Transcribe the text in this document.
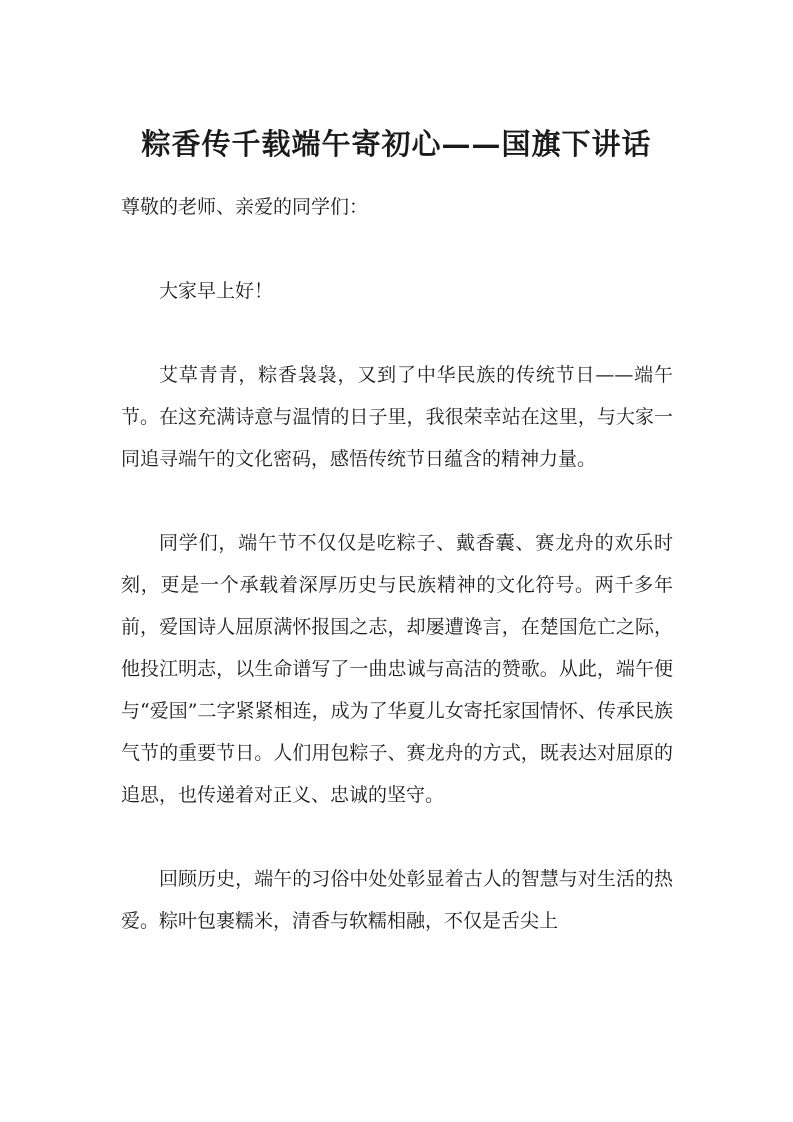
粽香传千载端午寄初心——国旗下讲话

尊敬的老师、亲爱的同学们：

大家早上好！

艾草青青，粽香袅袅，又到了中华民族的传统节日——端午节。在这充满诗意与温情的日子里，我很荣幸站在这里，与大家一同追寻端午的文化密码，感悟传统节日蕴含的精神力量。

同学们，端午节不仅仅是吃粽子、戴香囊、赛龙舟的欢乐时刻，更是一个承载着深厚历史与民族精神的文化符号。两千多年前，爱国诗人屈原满怀报国之志，却屡遭谗言，在楚国危亡之际，他投江明志，以生命谱写了一曲忠诚与高洁的赞歌。从此，端午便与“爱国”二字紧紧相连，成为了华夏儿女寄托家国情怀、传承民族气节的重要节日。人们用包粽子、赛龙舟的方式，既表达对屈原的追思，也传递着对正义、忠诚的坚守。

回顾历史，端午的习俗中处处彰显着古人的智慧与对生活的热爱。粽叶包裹糯米，清香与软糯相融，不仅是舌尖上
